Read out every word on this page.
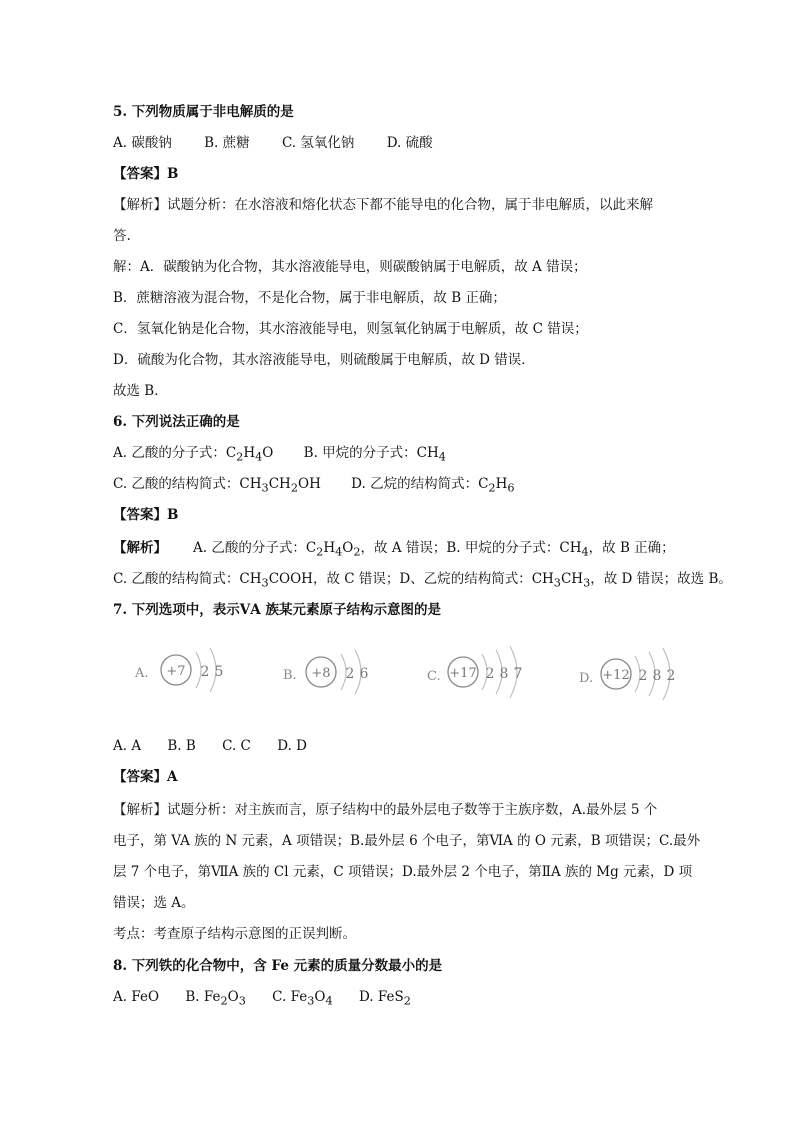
5. 下列物质属于非电解质的是
A. 碳酸钠 B. 蔗糖 C. 氢氧化钠 D. 硫酸
【答案】B
【解析】试题分析：在水溶液和熔化状态下都不能导电的化合物，属于非电解质，以此来解
答.
解：A．碳酸钠为化合物，其水溶液能导电，则碳酸钠属于电解质，故 A 错误；
B．蔗糖溶液为混合物，不是化合物，属于非电解质，故 B 正确；
C．氢氧化钠是化合物，其水溶液能导电，则氢氧化钠属于电解质，故 C 错误；
D．硫酸为化合物，其水溶液能导电，则硫酸属于电解质，故 D 错误．
故选 B．
6. 下列说法正确的是
A. 乙酸的分子式：$C_2H_4O$ B. 甲烷的分子式：$CH_4$
C. 乙酸的结构简式：$CH_3CH_2OH$ D. 乙烷的结构简式：$C_2H_6$
【答案】B
【解析】 A. 乙酸的分子式：$C_2H_4O_2$，故 A 错误；B. 甲烷的分子式：$CH_4$，故 B 正确；
C. 乙酸的结构简式：$CH_3COOH$，故 C 错误；D、乙烷的结构简式：$CH_3CH_3$，故 D 错误；故选 B。
7. 下列选项中，表示ⅤA 族某元素原子结构示意图的是
A. +7 2 5	B. +8 2 6	C. +17 2 8 7	D. +12 2 8 2
A. A B. B C. C D. D
【答案】A
【解析】试题分析：对主族而言，原子结构中的最外层电子数等于主族序数，A.最外层 5 个
电子，第 VA 族的 N 元素，A 项错误；B.最外层 6 个电子，第ⅥA 的 O 元素，B 项错误；C.最外
层 7 个电子，第ⅦA 族的 Cl 元素，C 项错误；D.最外层 2 个电子，第ⅡA 族的 Mg 元素，D 项
错误；选 A。
考点：考查原子结构示意图的正误判断。
8. 下列铁的化合物中，含 Fe 元素的质量分数最小的是
A. FeO B. $Fe_2O_3$ C. $Fe_3O_4$ D. FeS$_2$
